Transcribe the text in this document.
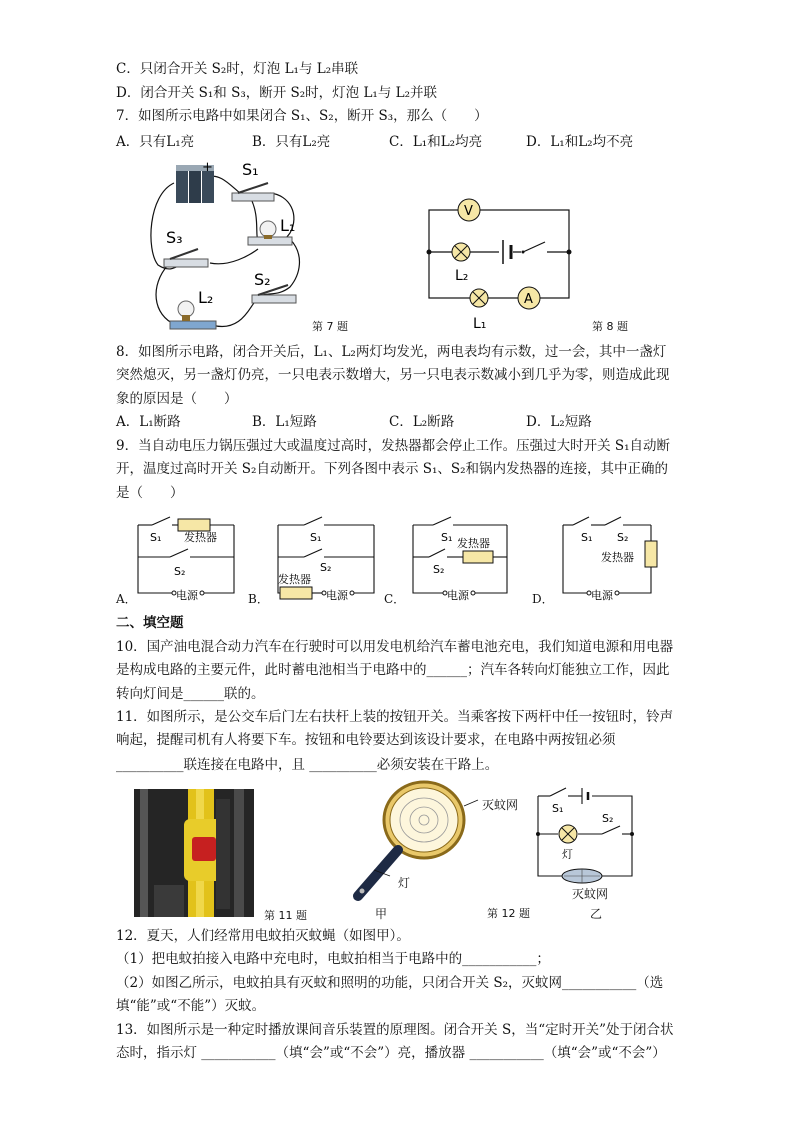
C．只闭合开关 S₂时，灯泡 L₁与 L₂串联
D．闭合开关 S₁和 S₃，断开 S₂时，灯泡 L₁与 L₂并联
7．如图所示电路中如果闭合 S₁、S₂，断开 S₃，那么（　　）
A．只有L₁亮	B．只有L₂亮	C．L₁和L₂均亮	D．L₁和L₂均不亮
+ S₁
L₁
S₃
S₂
L₂
第 7 题
V
L₂
A
L₁	第 8 题
8．如图所示电路，闭合开关后，L₁、L₂两灯均发光，两电表均有示数，过一会，其中一盏灯
突然熄灭，另一盏灯仍亮，一只电表示数增大，另一只电表示数减小到几乎为零，则造成此现
象的原因是（　　）
A．L₁断路	B．L₁短路	C．L₂断路	D．L₂短路
9．当自动电压力锅压强过大或温度过高时，发热器都会停止工作。压强过大时开关 S₁自动断
开，温度过高时开关 S₂自动断开。下列各图中表示 S₁、S₂和锅内发热器的连接，其中正确的
是（　　）
S₁ 发热器
S₂
电源
A．
S₁
S₂
发热器
电源
B．
S₁ 发热器
S₂
电源
C．
S₁ S₂
发热器
电源
D．
二、填空题
10．国产油电混合动力汽车在行驶时可以用发电机给汽车蓄电池充电，我们知道电源和用电器
是构成电路的主要元件，此时蓄电池相当于电路中的______；汽车各转向灯能独立工作，因此
转向灯间是______联的。
11．如图所示，是公交车后门左右扶杆上装的按钮开关。当乘客按下两杆中任一按钮时，铃声
响起，提醒司机有人将要下车。按钮和电铃要达到该设计要求，在电路中两按钮必须
__________联连接在电路中，且 __________必须安装在干路上。
第 11 题
灭蚊网
灯
甲	第 12 题
S₁
S₂
灯
灭蚊网
乙
12．夏天，人们经常用电蚊拍灭蚊蝇（如图甲）。
（1）把电蚊拍接入电路中充电时，电蚊拍相当于电路中的___________；
（2）如图乙所示，电蚊拍具有灭蚊和照明的功能，只闭合开关 S₂，灭蚊网___________（选
填“能”或“不能”）灭蚊。
13．如图所示是一种定时播放课间音乐装置的原理图。闭合开关 S，当“定时开关”处于闭合状
态时，指示灯 ___________（填“会”或“不会”）亮，播放器 ___________（填“会”或“不会”）
